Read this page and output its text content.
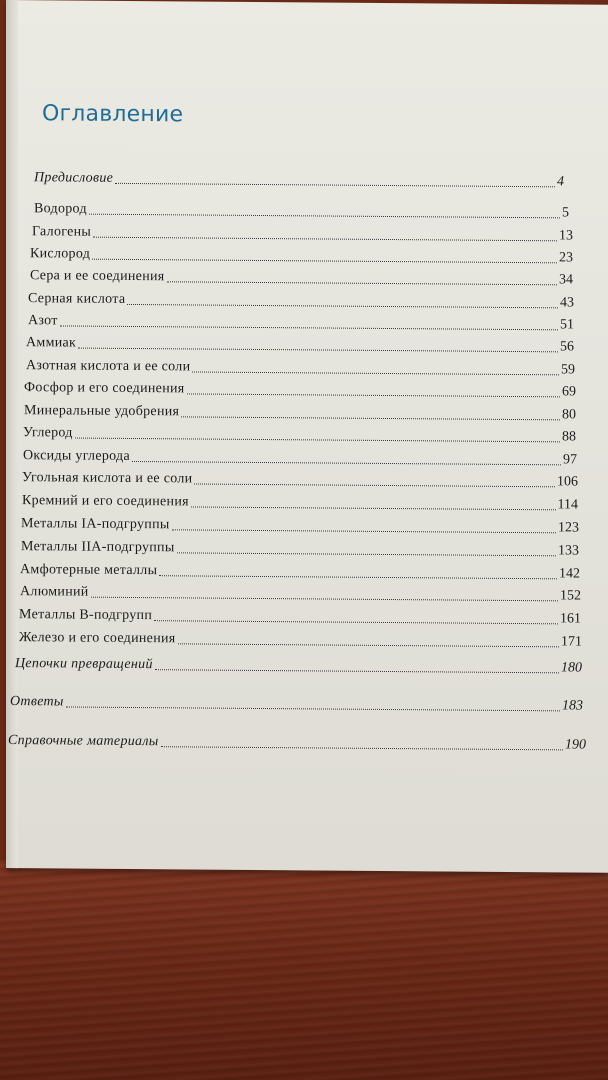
Оглавление
Предисловие	4
Водород	5
Галогены	13
Кислород	23
Сера и ее соединения	34
Серная кислота	43
Азот	51
Аммиак	56
Азотная кислота и ее соли	59
Фосфор и его соединения	69
Минеральные удобрения	80
Углерод	88
Оксиды углерода	97
Угольная кислота и ее соли	106
Кремний и его соединения	114
Металлы IA-подгруппы	123
Металлы IIA-подгруппы	133
Амфотерные металлы	142
Алюминий	152
Металлы В-подгрупп	161
Железо и его соединения	171
Цепочки превращений	180
Ответы	183
Справочные материалы	190
